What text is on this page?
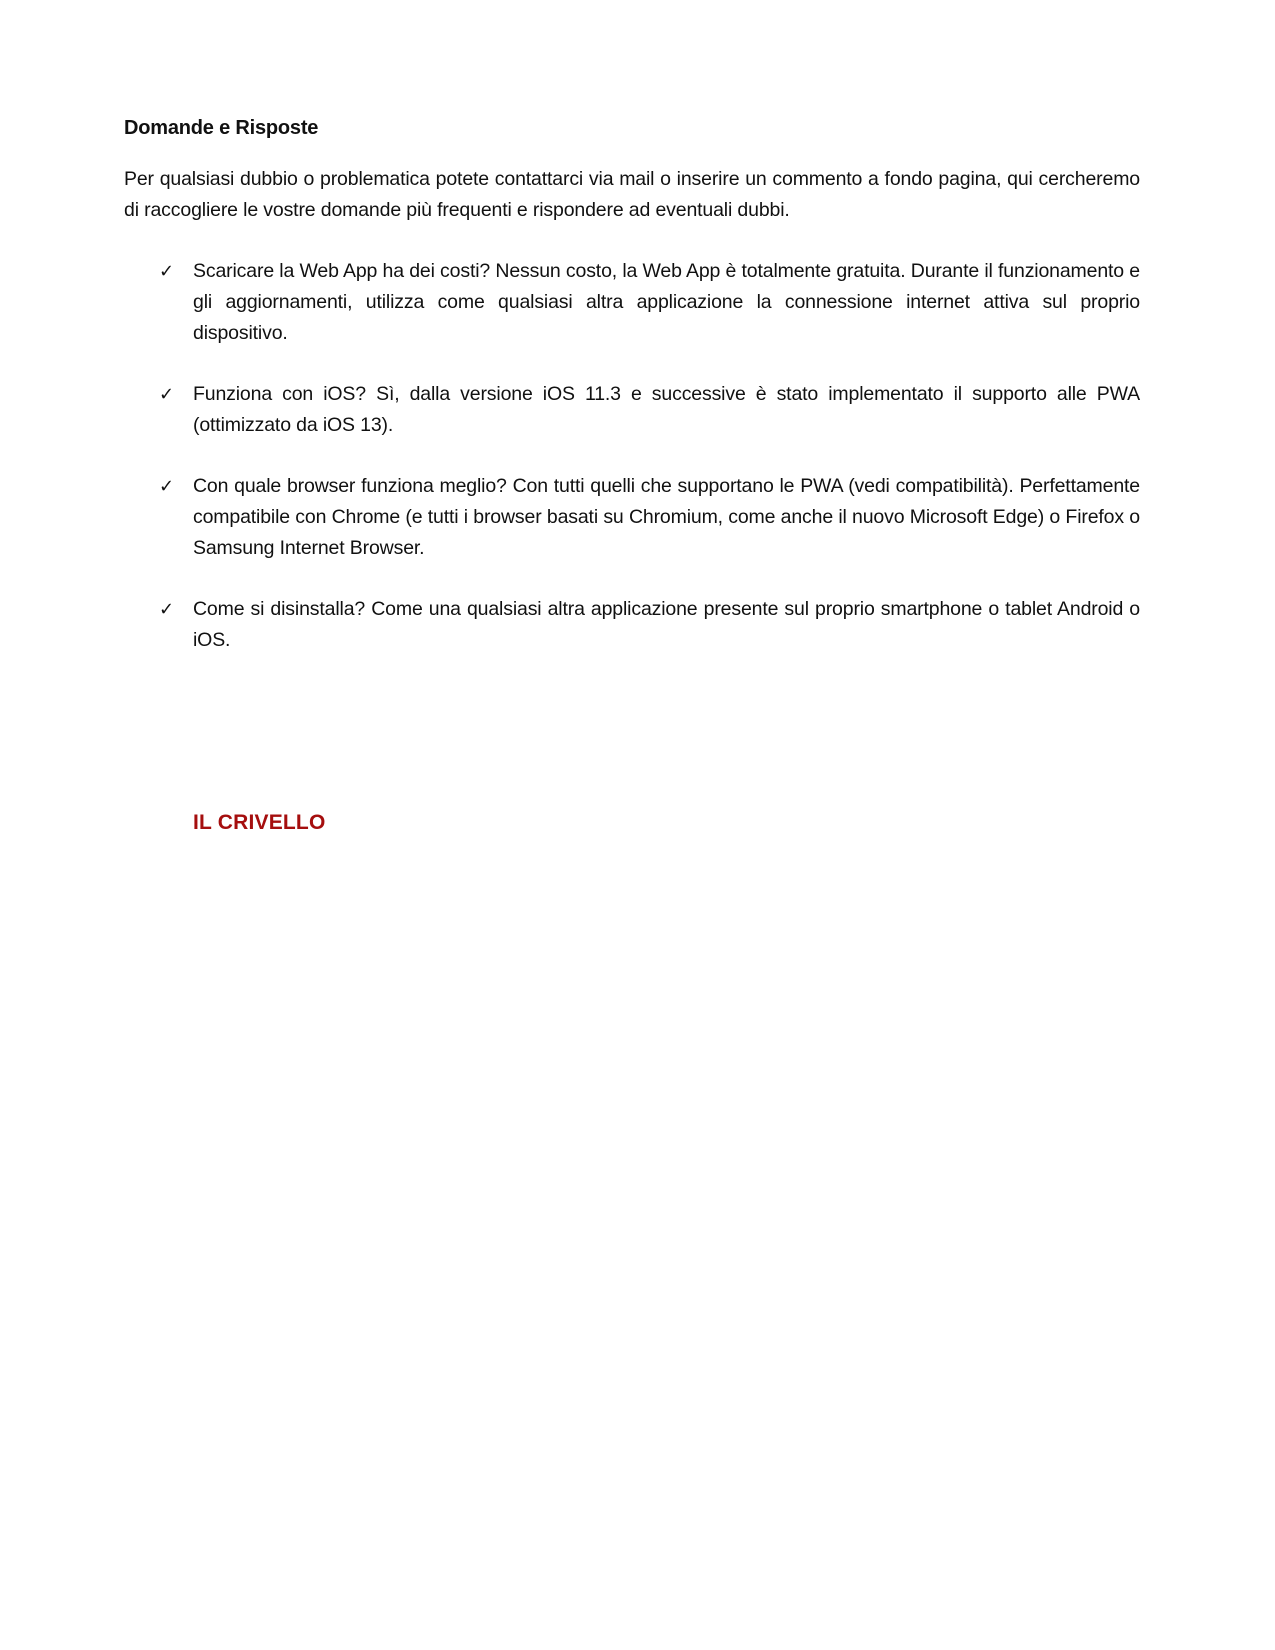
Domande e Risposte
Per qualsiasi dubbio o problematica potete contattarci via mail o inserire un commento a fondo pagina, qui cercheremo di raccogliere le vostre domande più frequenti e rispondere ad eventuali dubbi.
✓ Scaricare la Web App ha dei costi? Nessun costo, la Web App è totalmente gratuita. Durante il funzionamento e gli aggiornamenti, utilizza come qualsiasi altra applicazione la connessione internet attiva sul proprio dispositivo.
✓ Funziona con iOS? Sì, dalla versione iOS 11.3 e successive è stato implementato il supporto alle PWA (ottimizzato da iOS 13).
✓ Con quale browser funziona meglio? Con tutti quelli che supportano le PWA (vedi compatibilità). Perfettamente compatibile con Chrome (e tutti i browser basati su Chromium, come anche il nuovo Microsoft Edge) o Firefox o Samsung Internet Browser.
✓ Come si disinstalla? Come una qualsiasi altra applicazione presente sul proprio smartphone o tablet Android o iOS.
IL CRIVELLO
